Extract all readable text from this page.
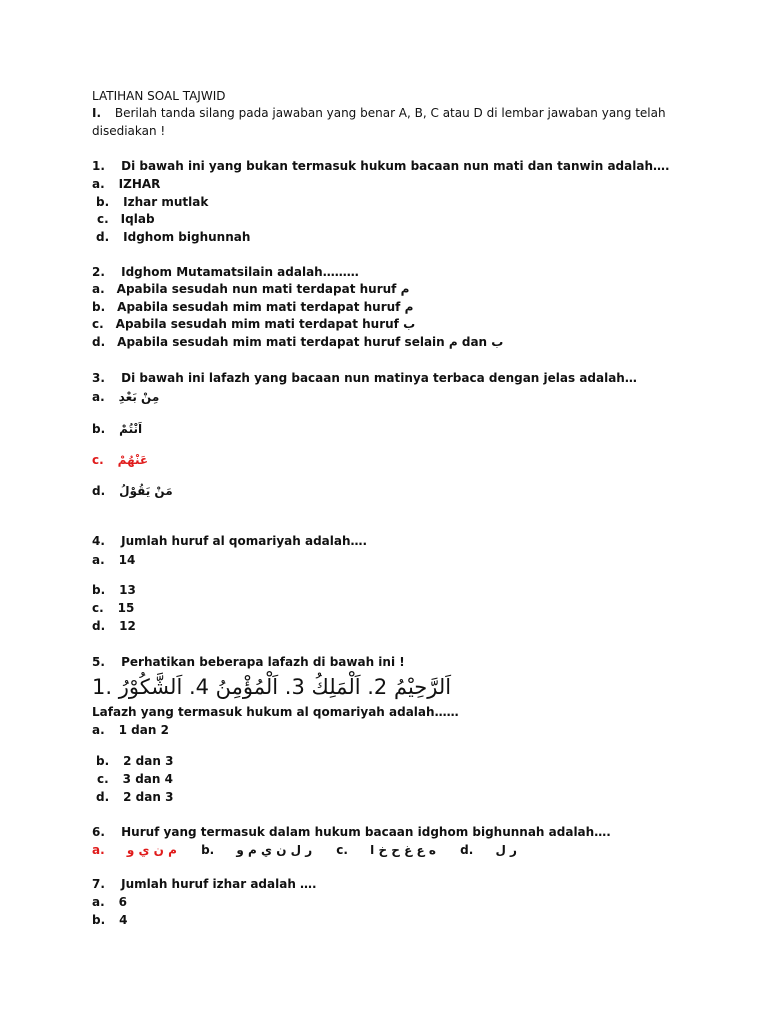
LATIHAN SOAL TAJWID
I. Berilah tanda silang pada jawaban yang benar A, B, C atau D di lembar jawaban yang telah
disediakan !
1. Di bawah ini yang bukan termasuk hukum bacaan nun mati dan tanwin adalah….
a. IZHAR
b. Izhar mutlak
c. Iqlab
d. Idghom bighunnah
2. Idghom Mutamatsilain adalah………
a. Apabila sesudah nun mati terdapat huruf م
b. Apabila sesudah mim mati terdapat huruf م
c. Apabila sesudah mim mati terdapat huruf ب
d. Apabila sesudah mim mati terdapat huruf selain م dan ب
3. Di bawah ini lafazh yang bacaan nun matinya terbaca dengan jelas adalah…
a. مِنْ بَعْدِ
b. اَنْتُمْ
c. عَنْهُمْ
d. مَنْ يَقُوْلُ
4. Jumlah huruf al qomariyah adalah….
a. 14
b. 13
c. 15
d. 12
5. Perhatikan beberapa lafazh di bawah ini !
1. اَلرَّحِيْمُ 2. اَلْمَلِكُ 3. اَلْمُؤْمِنُ 4. اَلشَّكُوْرُ
Lafazh yang termasuk hukum al qomariyah adalah……
a. 1 dan 2
b. 2 dan 3
c. 3 dan 4
d. 2 dan 3
6. Huruf yang termasuk dalam hukum bacaan idghom bighunnah adalah….
a. م ن ي و b. ر ل ن ي م و c. ه ع غ ح خ ا d. ر ل
7. Jumlah huruf izhar adalah ….
a. 6
b. 4
